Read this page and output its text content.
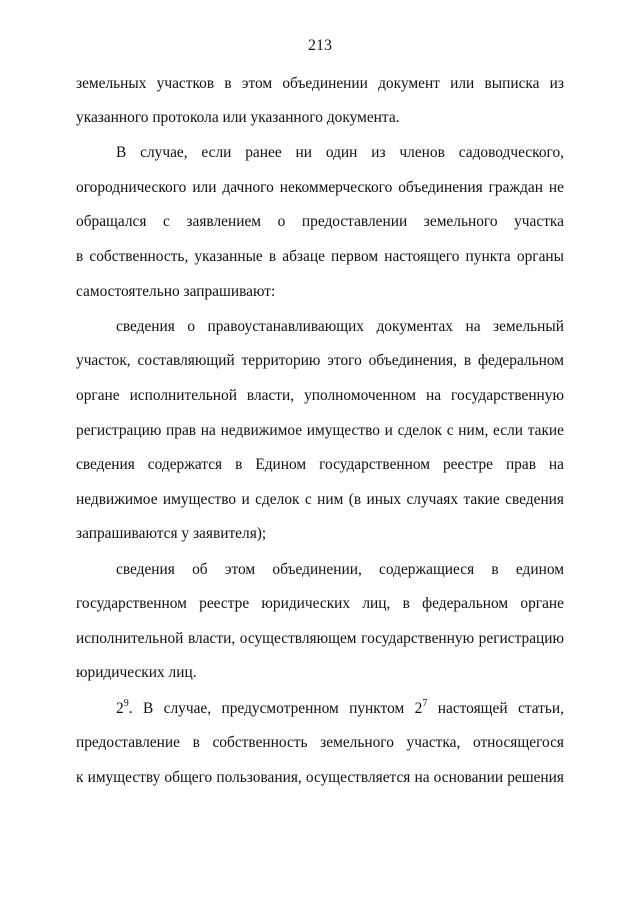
213
земельных участков в этом объединении документ или выписка из
указанного протокола или указанного документа.
В случае, если ранее ни один из членов садоводческого,
огороднического или дачного некоммерческого объединения граждан не
обращался с заявлением о предоставлении земельного участка
в собственность, указанные в абзаце первом настоящего пункта органы
самостоятельно запрашивают:
сведения о правоустанавливающих документах на земельный
участок, составляющий территорию этого объединения, в федеральном
органе исполнительной власти, уполномоченном на государственную
регистрацию прав на недвижимое имущество и сделок с ним, если такие
сведения содержатся в Едином государственном реестре прав на
недвижимое имущество и сделок с ним (в иных случаях такие сведения
запрашиваются у заявителя);
сведения об этом объединении, содержащиеся в едином
государственном реестре юридических лиц, в федеральном органе
исполнительной власти, осуществляющем государственную регистрацию
юридических лиц.
$2^9$. В случае, предусмотренном пунктом $2^7$ настоящей статьи,
предоставление в собственность земельного участка, относящегося
к имуществу общего пользования, осуществляется на основании решения
